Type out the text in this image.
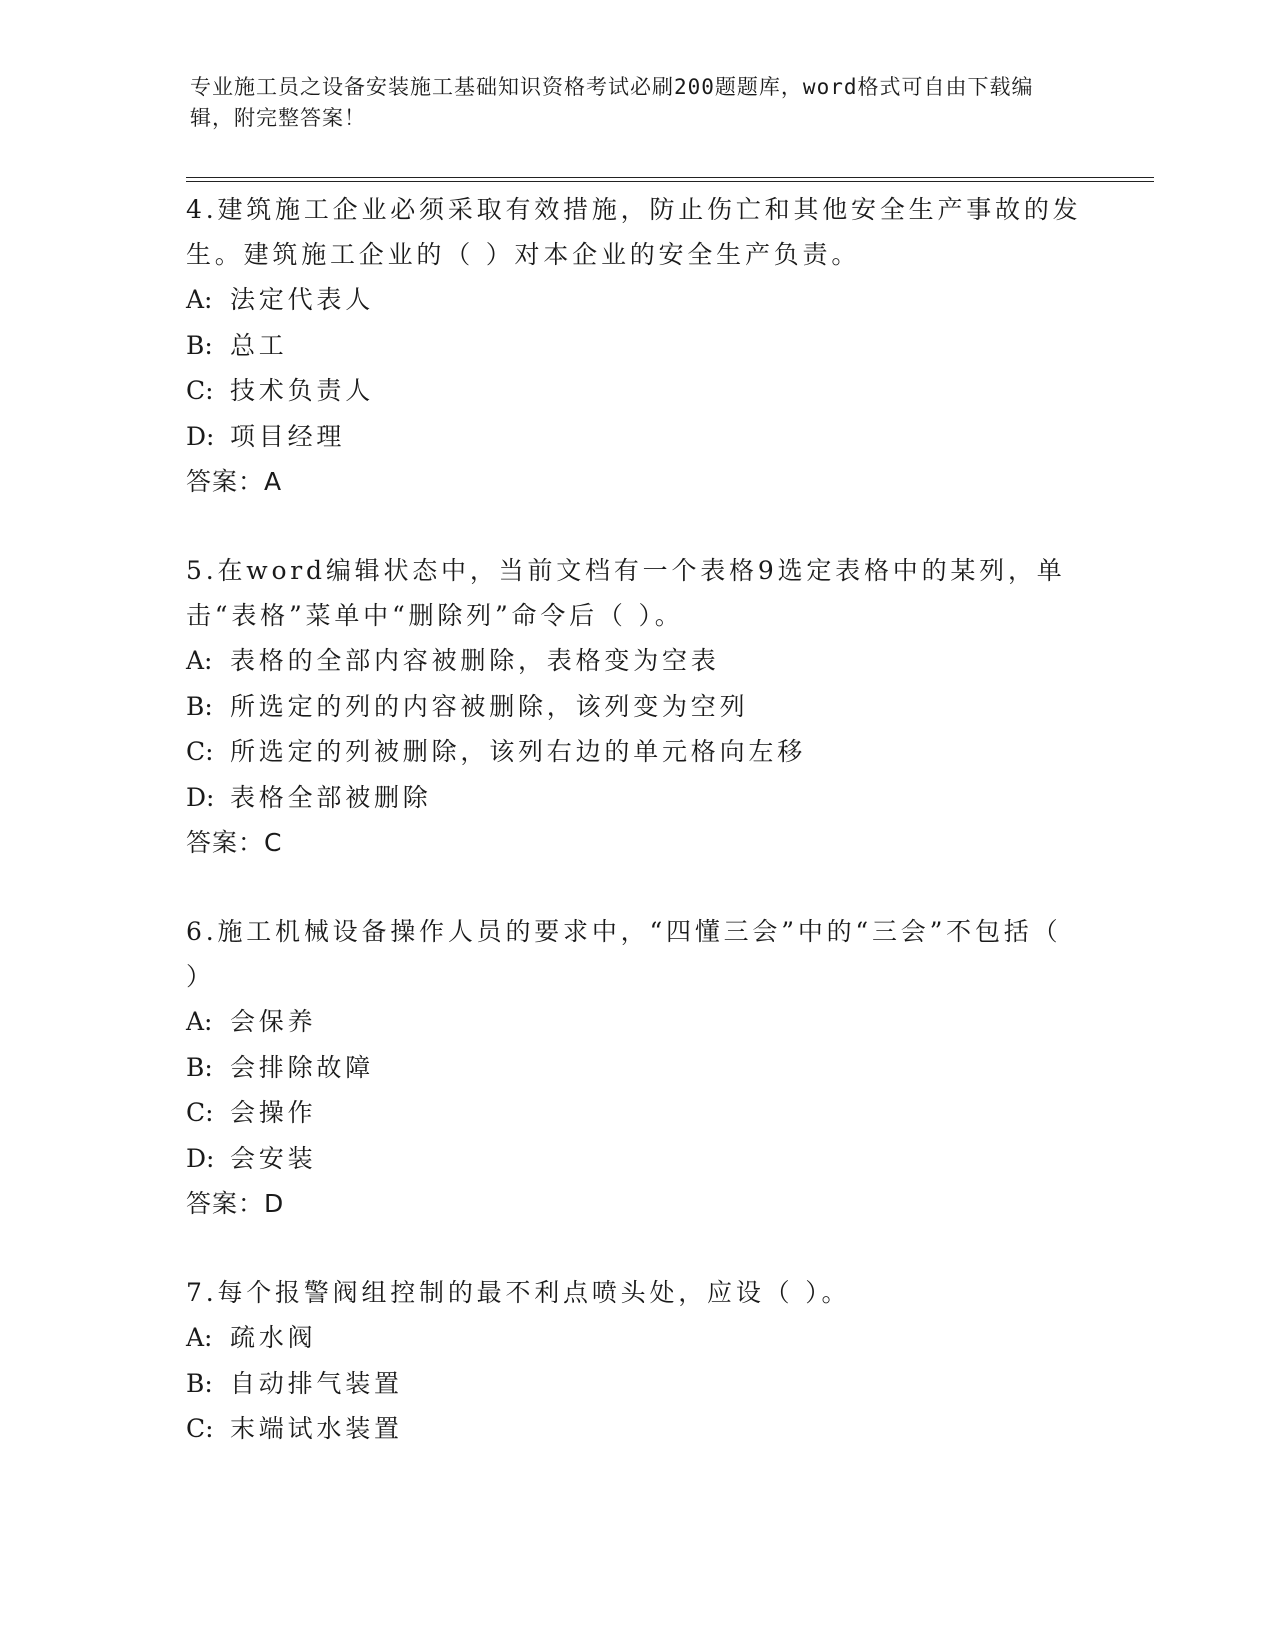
专业施工员之设备安装施工基础知识资格考试必刷200题题库，word格式可自由下载编辑，附完整答案！

4.建筑施工企业必须采取有效措施，防止伤亡和其他安全生产事故的发生。建筑施工企业的（ ）对本企业的安全生产负责。

A: 法定代表人
B: 总工
C: 技术负责人
D: 项目经理

答案：A

5.在word编辑状态中，当前文档有一个表格9选定表格中的某列，单击“表格”菜单中“删除列”命令后（ ）。

A: 表格的全部内容被删除，表格变为空表
B: 所选定的列的内容被删除，该列变为空列
C: 所选定的列被删除，该列右边的单元格向左移
D: 表格全部被删除

答案：C

6.施工机械设备操作人员的要求中，“四懂三会”中的“三会”不包括（ ）

A: 会保养
B: 会排除故障
C: 会操作
D: 会安装

答案：D

7.每个报警阀组控制的最不利点喷头处，应设（ ）。

A: 疏水阀
B: 自动排气装置
C: 末端试水装置
